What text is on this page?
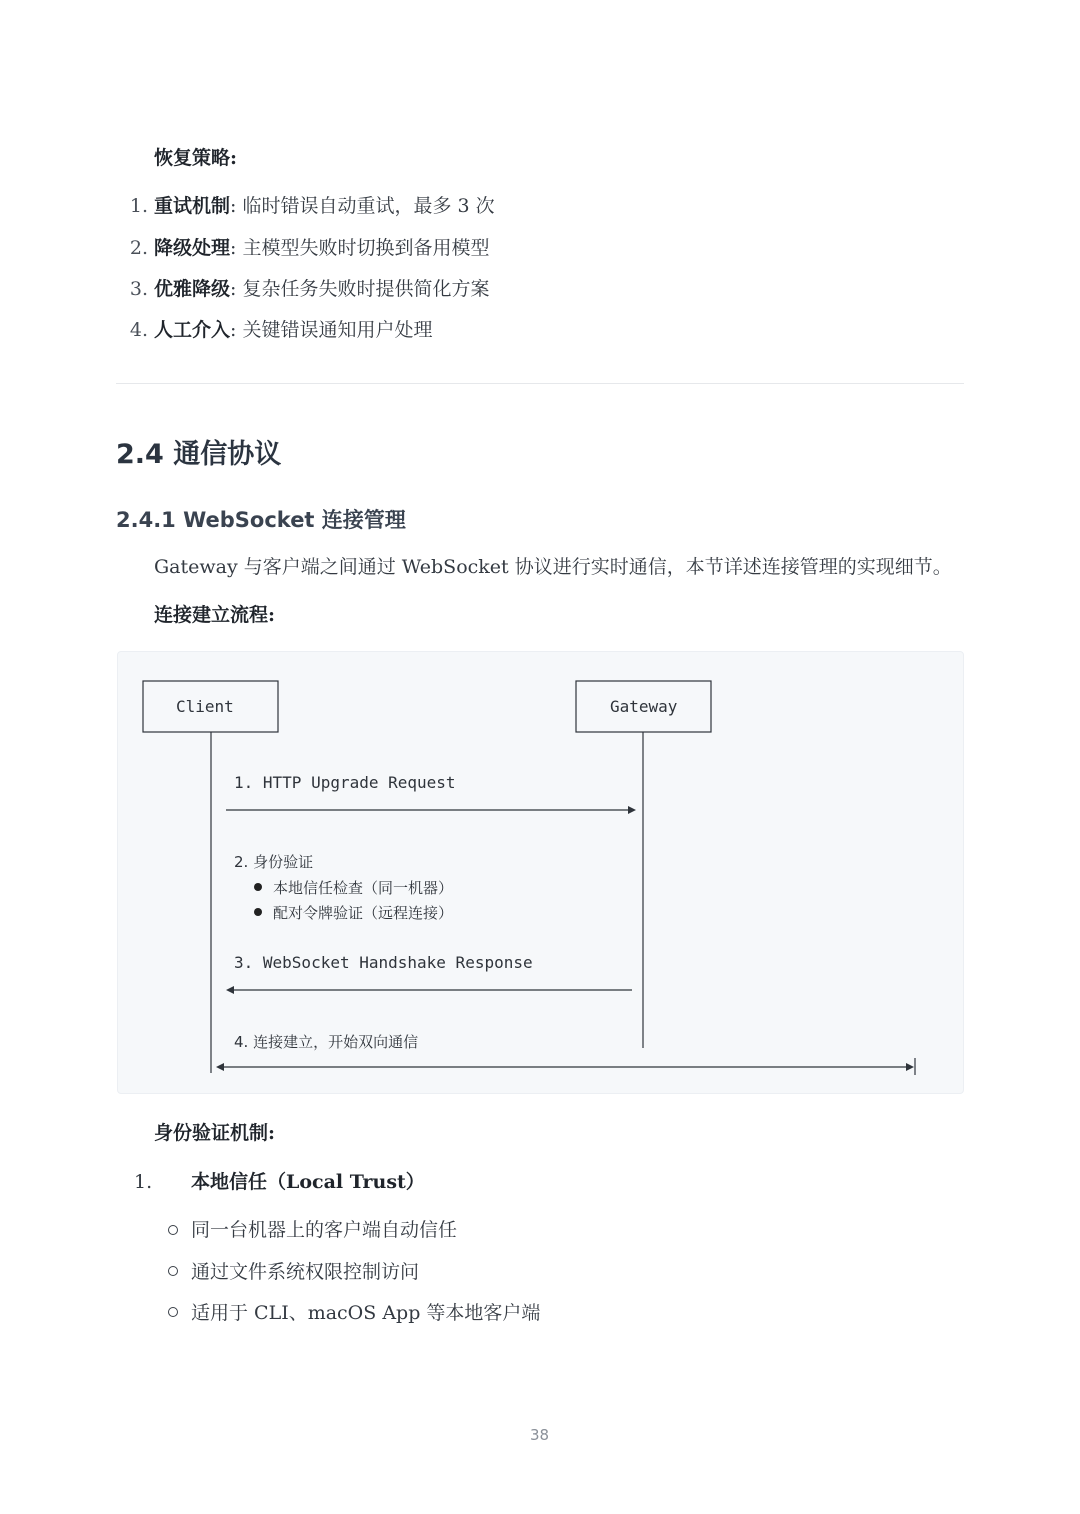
恢复策略:
1. 重试机制: 临时错误自动重试，最多 3 次
2. 降级处理: 主模型失败时切换到备用模型
3. 优雅降级: 复杂任务失败时提供简化方案
4. 人工介入: 关键错误通知用户处理
2.4 通信协议
2.4.1 WebSocket 连接管理
Gateway 与客户端之间通过 WebSocket 协议进行实时通信，本节详述连接管理的实现细节。
连接建立流程:
Client	Gateway
1. HTTP Upgrade Request
2. 身份验证
本地信任检查（同一机器）
配对令牌验证（远程连接）
3. WebSocket Handshake Response
4. 连接建立，开始双向通信
身份验证机制:
1. 本地信任（Local Trust）
同一台机器上的客户端自动信任
通过文件系统权限控制访问
适用于 CLI、macOS App 等本地客户端
38
